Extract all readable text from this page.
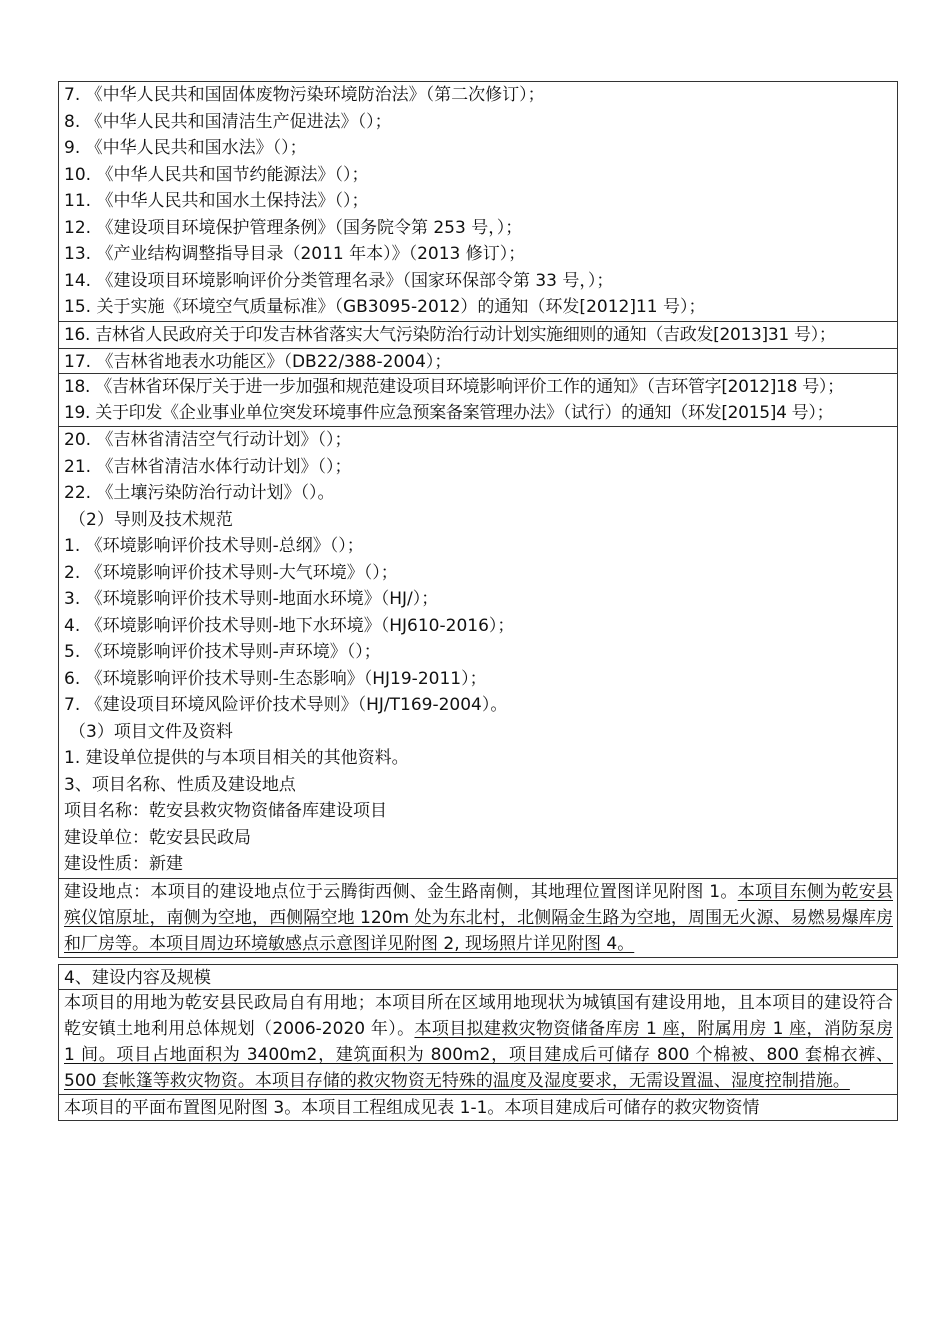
7. 《中华人民共和国固体废物污染环境防治法》（第二次修订）；
8. 《中华人民共和国清洁生产促进法》（）；
9. 《中华人民共和国水法》（）；
10. 《中华人民共和国节约能源法》（）；
11. 《中华人民共和国水土保持法》（）；
12. 《建设项目环境保护管理条例》（国务院令第 253 号，）；
13. 《产业结构调整指导目录（2011 年本）》（2013 修订）；
14. 《建设项目环境影响评价分类管理名录》（国家环保部令第 33 号，）；
15. 关于实施《环境空气质量标准》（GB3095-2012）的通知（环发[2012]11 号）；
16. 吉林省人民政府关于印发吉林省落实大气污染防治行动计划实施细则的通知（吉政发[2013]31 号）；
17. 《吉林省地表水功能区》（DB22/388-2004）；
18. 《吉林省环保厅关于进一步加强和规范建设项目环境影响评价工作的通知》（吉环管字[2012]18 号）；
19. 关于印发《企业事业单位突发环境事件应急预案备案管理办法》（试行）的通知（环发[2015]4 号）；
20. 《吉林省清洁空气行动计划》（）；
21. 《吉林省清洁水体行动计划》（）；
22. 《土壤污染防治行动计划》（）。
（2）导则及技术规范
1. 《环境影响评价技术导则-总纲》（）；
2. 《环境影响评价技术导则-大气环境》（）；
3. 《环境影响评价技术导则-地面水环境》（HJ/）；
4. 《环境影响评价技术导则-地下水环境》（HJ610-2016）；
5. 《环境影响评价技术导则-声环境》（）；
6. 《环境影响评价技术导则-生态影响》（HJ19-2011）；
7. 《建设项目环境风险评价技术导则》（HJ/T169-2004）。
（3）项目文件及资料
1. 建设单位提供的与本项目相关的其他资料。
3、项目名称、性质及建设地点
项目名称：乾安县救灾物资储备库建设项目
建设单位：乾安县民政局
建设性质：新建
建设地点：本项目的建设地点位于云腾街西侧、金生路南侧，其地理位置图详见附图 1。本项目东侧为乾安县殡仪馆原址，南侧为空地，西侧隔空地 120m 处为东北村，北侧隔金生路为空地，周围无火源、易燃易爆库房和厂房等。本项目周边环境敏感点示意图详见附图 2, 现场照片详见附图 4。
4、建设内容及规模
本项目的用地为乾安县民政局自有用地；本项目所在区域用地现状为城镇国有建设用地，且本项目的建设符合乾安镇土地利用总体规划（2006-2020 年）。本项目拟建救灾物资储备库房 1 座，附属用房 1 座，消防泵房 1 间。项目占地面积为 3400m2，建筑面积为 800m2，项目建成后可储存 800 个棉被、800 套棉衣裤、500 套帐篷等救灾物资。本项目存储的救灾物资无特殊的温度及湿度要求，无需设置温、湿度控制措施。
本项目的平面布置图见附图 3。本项目工程组成见表 1-1。本项目建成后可储存的救灾物资情
